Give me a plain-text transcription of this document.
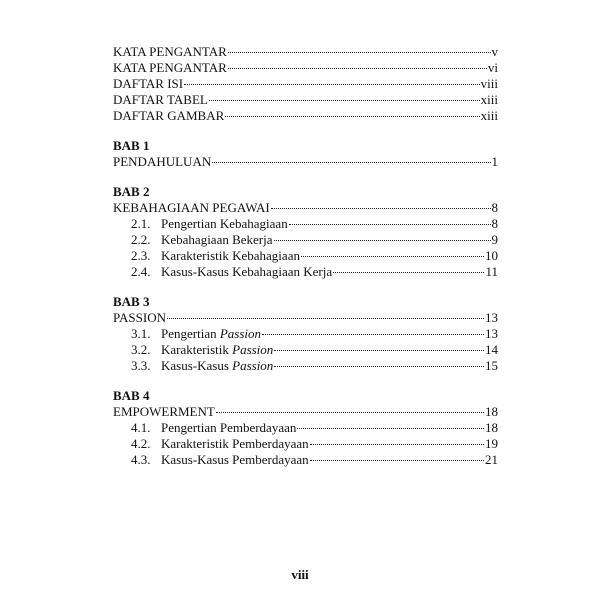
KATA PENGANTAR	v
KATA PENGANTAR	vi
DAFTAR ISI	viii
DAFTAR TABEL	xiii
DAFTAR GAMBAR	xiii
BAB 1
PENDAHULUAN	1
BAB 2
KEBAHAGIAAN PEGAWAI	8
2.1. Pengertian Kebahagiaan	8
2.2. Kebahagiaan Bekerja	9
2.3. Karakteristik Kebahagiaan	10
2.4. Kasus-Kasus Kebahagiaan Kerja	11
BAB 3
PASSION	13
3.1. Pengertian Passion	13
3.2. Karakteristik Passion	14
3.3. Kasus-Kasus Passion	15
BAB 4
EMPOWERMENT	18
4.1. Pengertian Pemberdayaan	18
4.2. Karakteristik Pemberdayaan	19
4.3. Kasus-Kasus Pemberdayaan	21
viii
